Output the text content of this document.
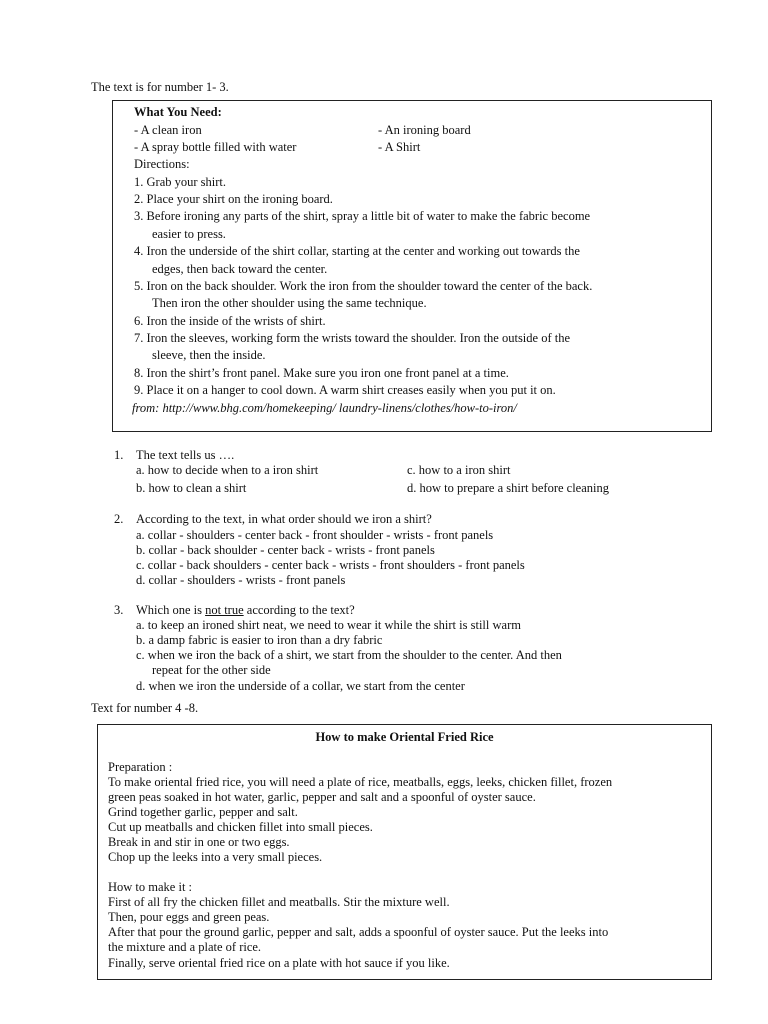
The text is for number 1- 3.
What You Need:
- A clean iron	- An ironing board
- A spray bottle filled with water	- A Shirt
Directions:
1. Grab your shirt.
2. Place your shirt on the ironing board.
3. Before ironing any parts of the shirt, spray a little bit of water to make the fabric become
easier to press.
4. Iron the underside of the shirt collar, starting at the center and working out towards the
edges, then back toward the center.
5. Iron on the back shoulder. Work the iron from the shoulder toward the center of the back.
Then iron the other shoulder using the same technique.
6. Iron the inside of the wrists of shirt.
7. Iron the sleeves, working form the wrists toward the shoulder. Iron the outside of the
sleeve, then the inside.
8. Iron the shirt’s front panel. Make sure you iron one front panel at a time.
9. Place it on a hanger to cool down. A warm shirt creases easily when you put it on.
from: http://www.bhg.com/homekeeping/ laundry-linens/clothes/how-to-iron/
1. The text tells us ….
a. how to decide when to a iron shirt	c. how to a iron shirt
b. how to clean a shirt	d. how to prepare a shirt before cleaning
2. According to the text, in what order should we iron a shirt?
a. collar - shoulders - center back - front shoulder - wrists - front panels
b. collar - back shoulder - center back - wrists - front panels
c. collar - back shoulders - center back - wrists - front shoulders - front panels
d. collar - shoulders - wrists - front panels
3. Which one is not true according to the text?
a. to keep an ironed shirt neat, we need to wear it while the shirt is still warm
b. a damp fabric is easier to iron than a dry fabric
c. when we iron the back of a shirt, we start from the shoulder to the center. And then
repeat for the other side
d. when we iron the underside of a collar, we start from the center
Text for number 4 -8.
How to make Oriental Fried Rice
Preparation :
To make oriental fried rice, you will need a plate of rice, meatballs, eggs, leeks, chicken fillet, frozen
green peas soaked in hot water, garlic, pepper and salt and a spoonful of oyster sauce.
Grind together garlic, pepper and salt.
Cut up meatballs and chicken fillet into small pieces.
Break in and stir in one or two eggs.
Chop up the leeks into a very small pieces.
How to make it :
First of all fry the chicken fillet and meatballs. Stir the mixture well.
Then, pour eggs and green peas.
After that pour the ground garlic, pepper and salt, adds a spoonful of oyster sauce. Put the leeks into
the mixture and a plate of rice.
Finally, serve oriental fried rice on a plate with hot sauce if you like.
